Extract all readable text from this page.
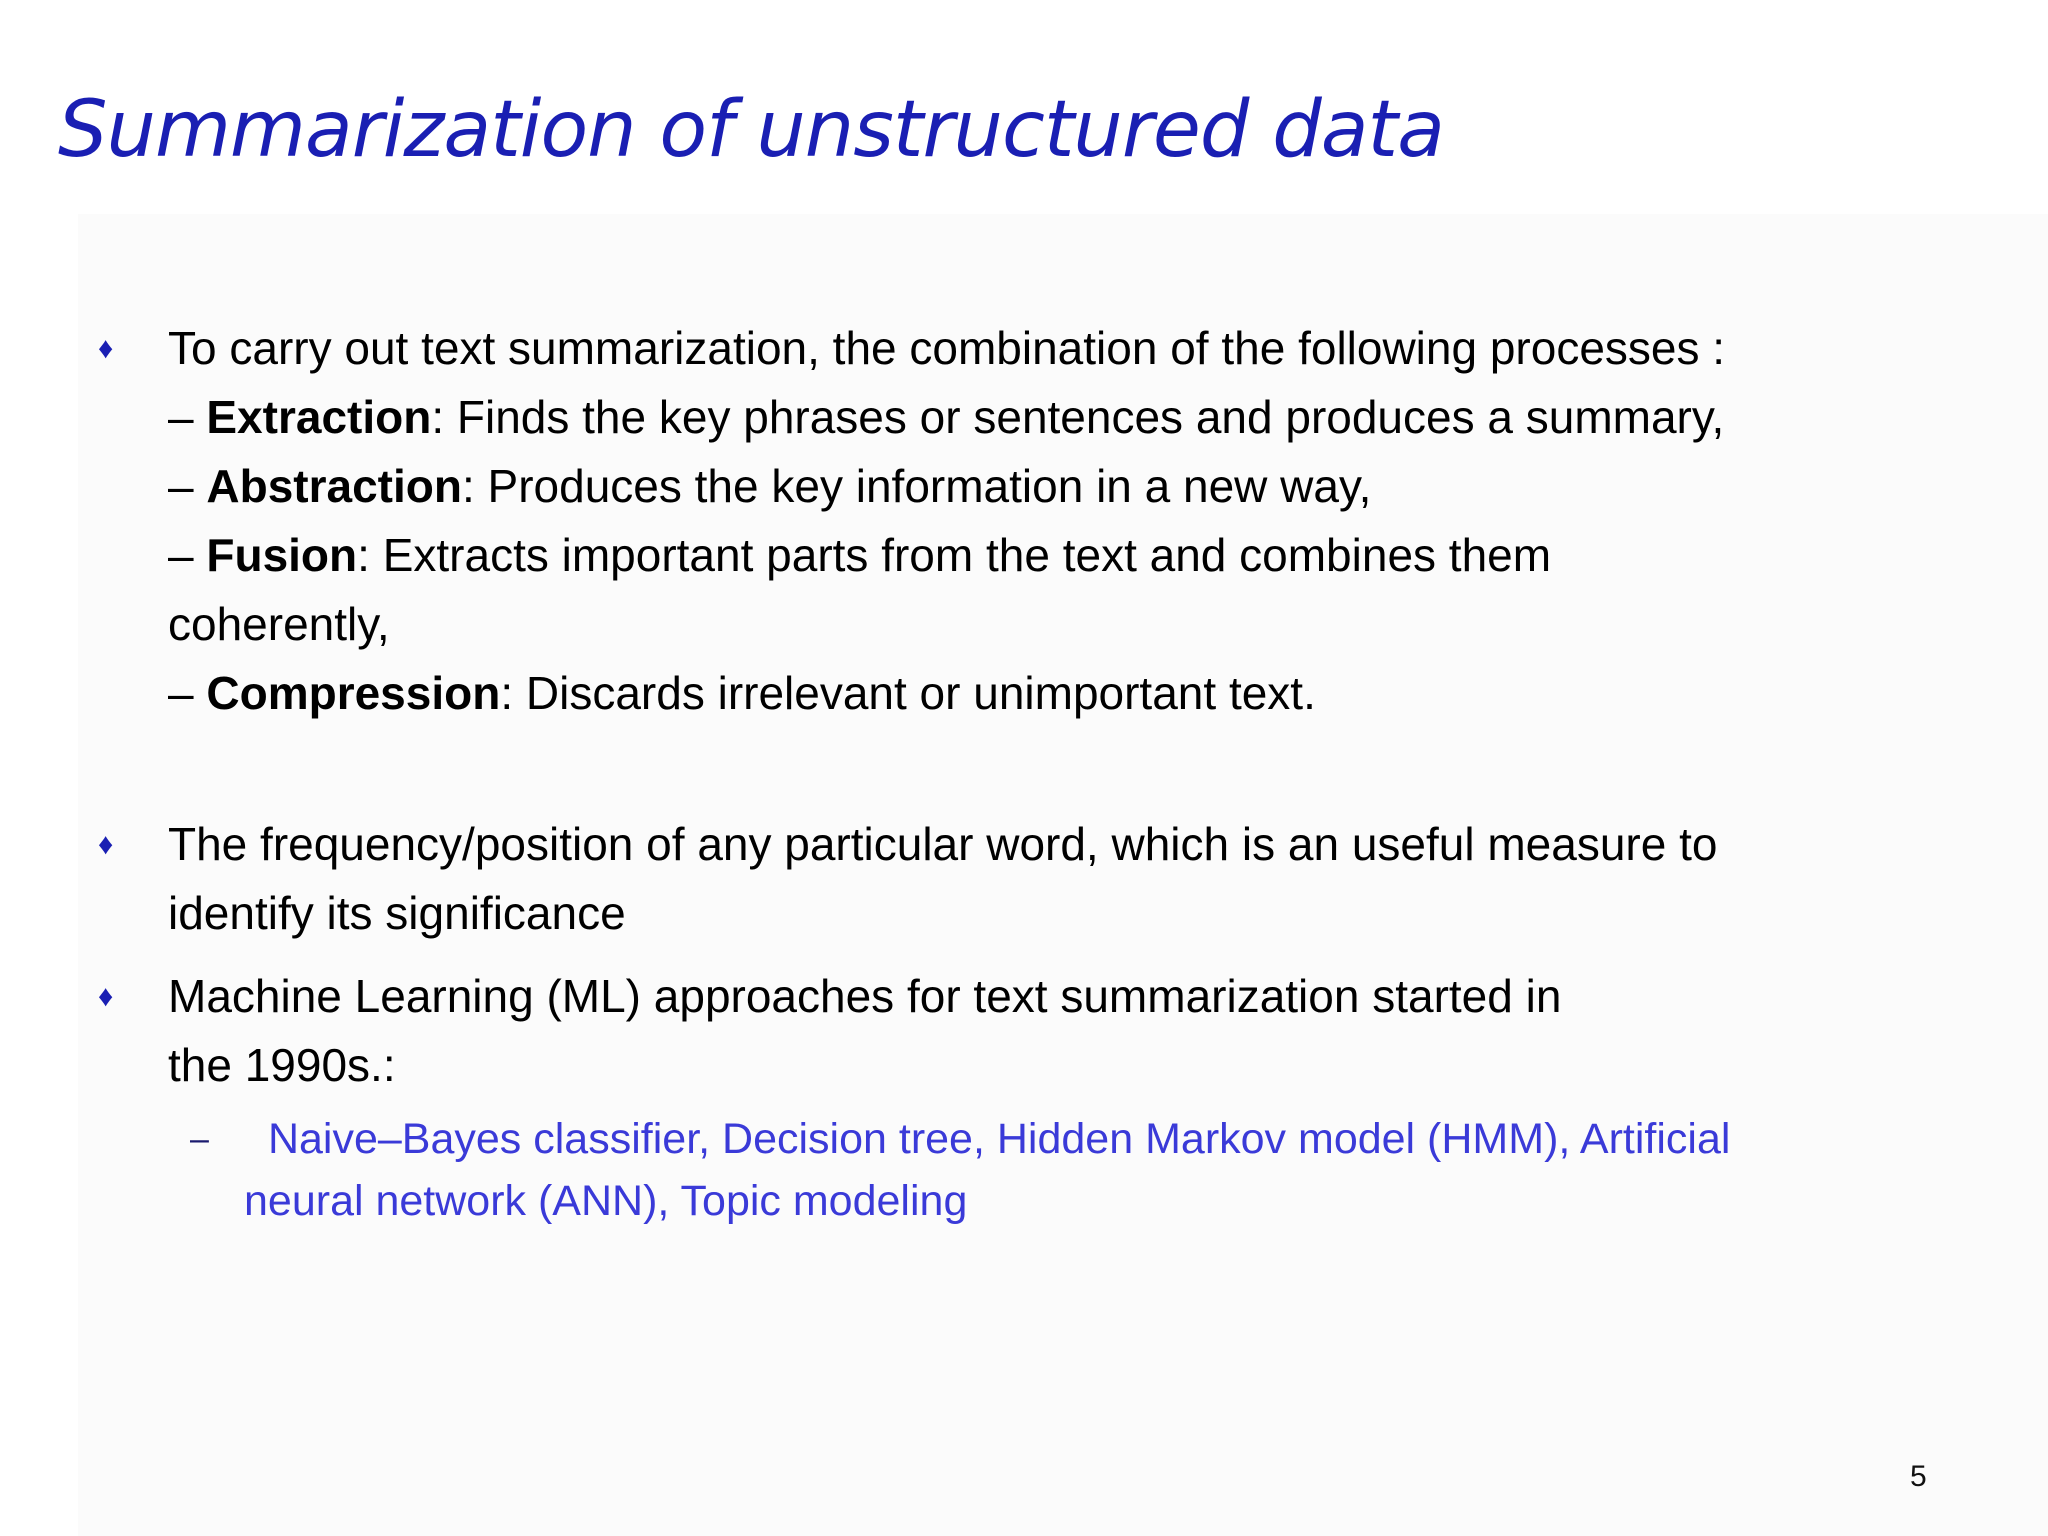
Summarization of unstructured data
♦ To carry out text summarization, the combination of the following processes :
– Extraction: Finds the key phrases or sentences and produces a summary,
– Abstraction: Produces the key information in a new way,
– Fusion: Extracts important parts from the text and combines them
coherently,
– Compression: Discards irrelevant or unimportant text.
♦ The frequency/position of any particular word, which is an useful measure to
identify its significance
♦ Machine Learning (ML) approaches for text summarization started in
the 1990s.:
– Naive–Bayes classifier, Decision tree, Hidden Markov model (HMM), Artificial
neural network (ANN), Topic modeling
5
